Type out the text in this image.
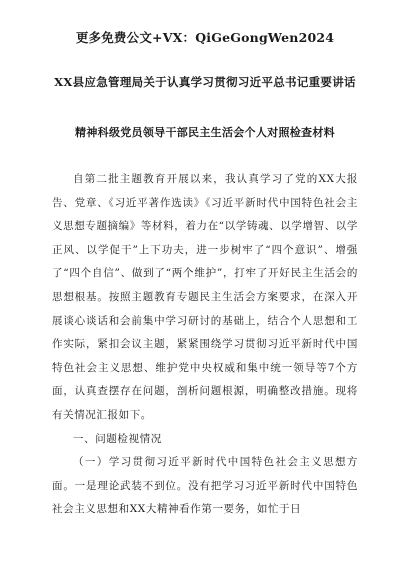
更多免费公文+VX：QiGeGongWen2024
XX县应急管理局关于认真学习贯彻习近平总书记重要讲话
精神科级党员领导干部民主生活会个人对照检查材料

自第二批主题教育开展以来，我认真学习了党的XX大报告、党章、《习近平著作选读》《习近平新时代中国特色社会主义思想专题摘编》等材料，着力在“以学铸魂、以学增智、以学正风、以学促干”上下功夫，进一步树牢了“四个意识”、增强了“四个自信”、做到了“两个维护”，打牢了开好民主生活会的思想根基。按照主题教育专题民主生活会方案要求，在深入开展谈心谈话和会前集中学习研讨的基础上，结合个人思想和工作实际，紧扣会议主题，紧紧围绕学习贯彻习近平新时代中国特色社会主义思想、维护党中央权威和集中统一领导等7个方面，认真查摆存在问题，剖析问题根源，明确整改措施。现将有关情况汇报如下。

一、问题检视情况

（一）学习贯彻习近平新时代中国特色社会主义思想方面。一是理论武装不到位。没有把学习习近平新时代中国特色社会主义思想和XX大精神看作第一要务，如忙于日
